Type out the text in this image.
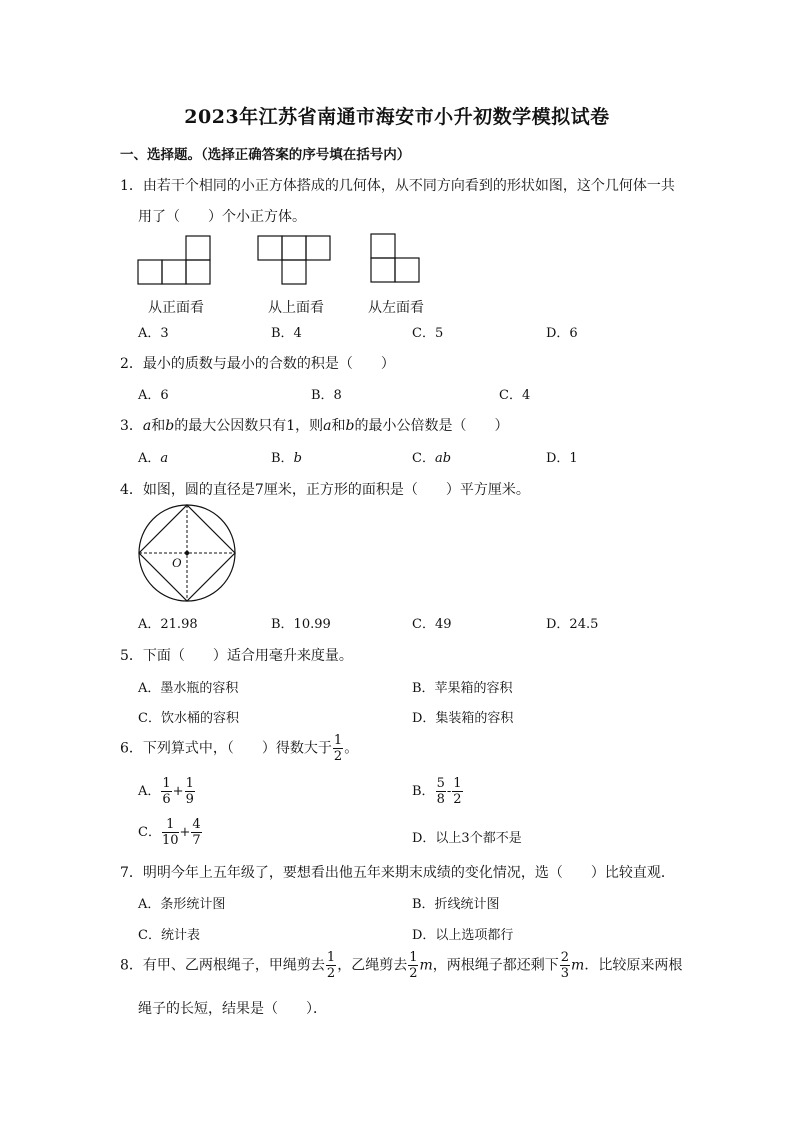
2023年江苏省南通市海安市小升初数学模拟试卷
一、选择题。（选择正确答案的序号填在括号内）
1．由若干个相同的小正方体搭成的几何体，从不同方向看到的形状如图，这个几何体一共
用了（　　）个小正方体。
从正面看	从上面看	从左面看
A．3	B．4	C．5	D．6
2．最小的质数与最小的合数的积是（　　）
A．6	B．8	C．4
3．a和b的最大公因数只有1，则a和b的最小公倍数是（　　）
A．a	B．b	C．ab	D．1
4．如图，圆的直径是7厘米，正方形的面积是（　　）平方厘米。
O
A．21.98	B．10.99	C．49	D．24.5
5．下面（　　）适合用毫升来度量。
A．墨水瓶的容积	B．苹果箱的容积
C．饮水桶的容积	D．集装箱的容积
6．下列算式中，（　　）得数大于 $\frac{1}{2}$ 。
A． $\frac{1}{6} + \frac{1}{9}$	B． $\frac{5}{8} - \frac{1}{2}$
C． $\frac{1}{10} + \frac{4}{7}$	D．以上3个都不是
7．明明今年上五年级了，要想看出他五年来期末成绩的变化情况，选（　　）比较直观．
A．条形统计图	B．折线统计图
C．统计表	D．以上选项都行
8．有甲、乙两根绳子，甲绳剪去 $\frac{1}{2}$ ，乙绳剪去 $\frac{1}{2}$ m，两根绳子都还剩下 $\frac{2}{3}$ m．比较原来两根
绳子的长短，结果是（　　）．
